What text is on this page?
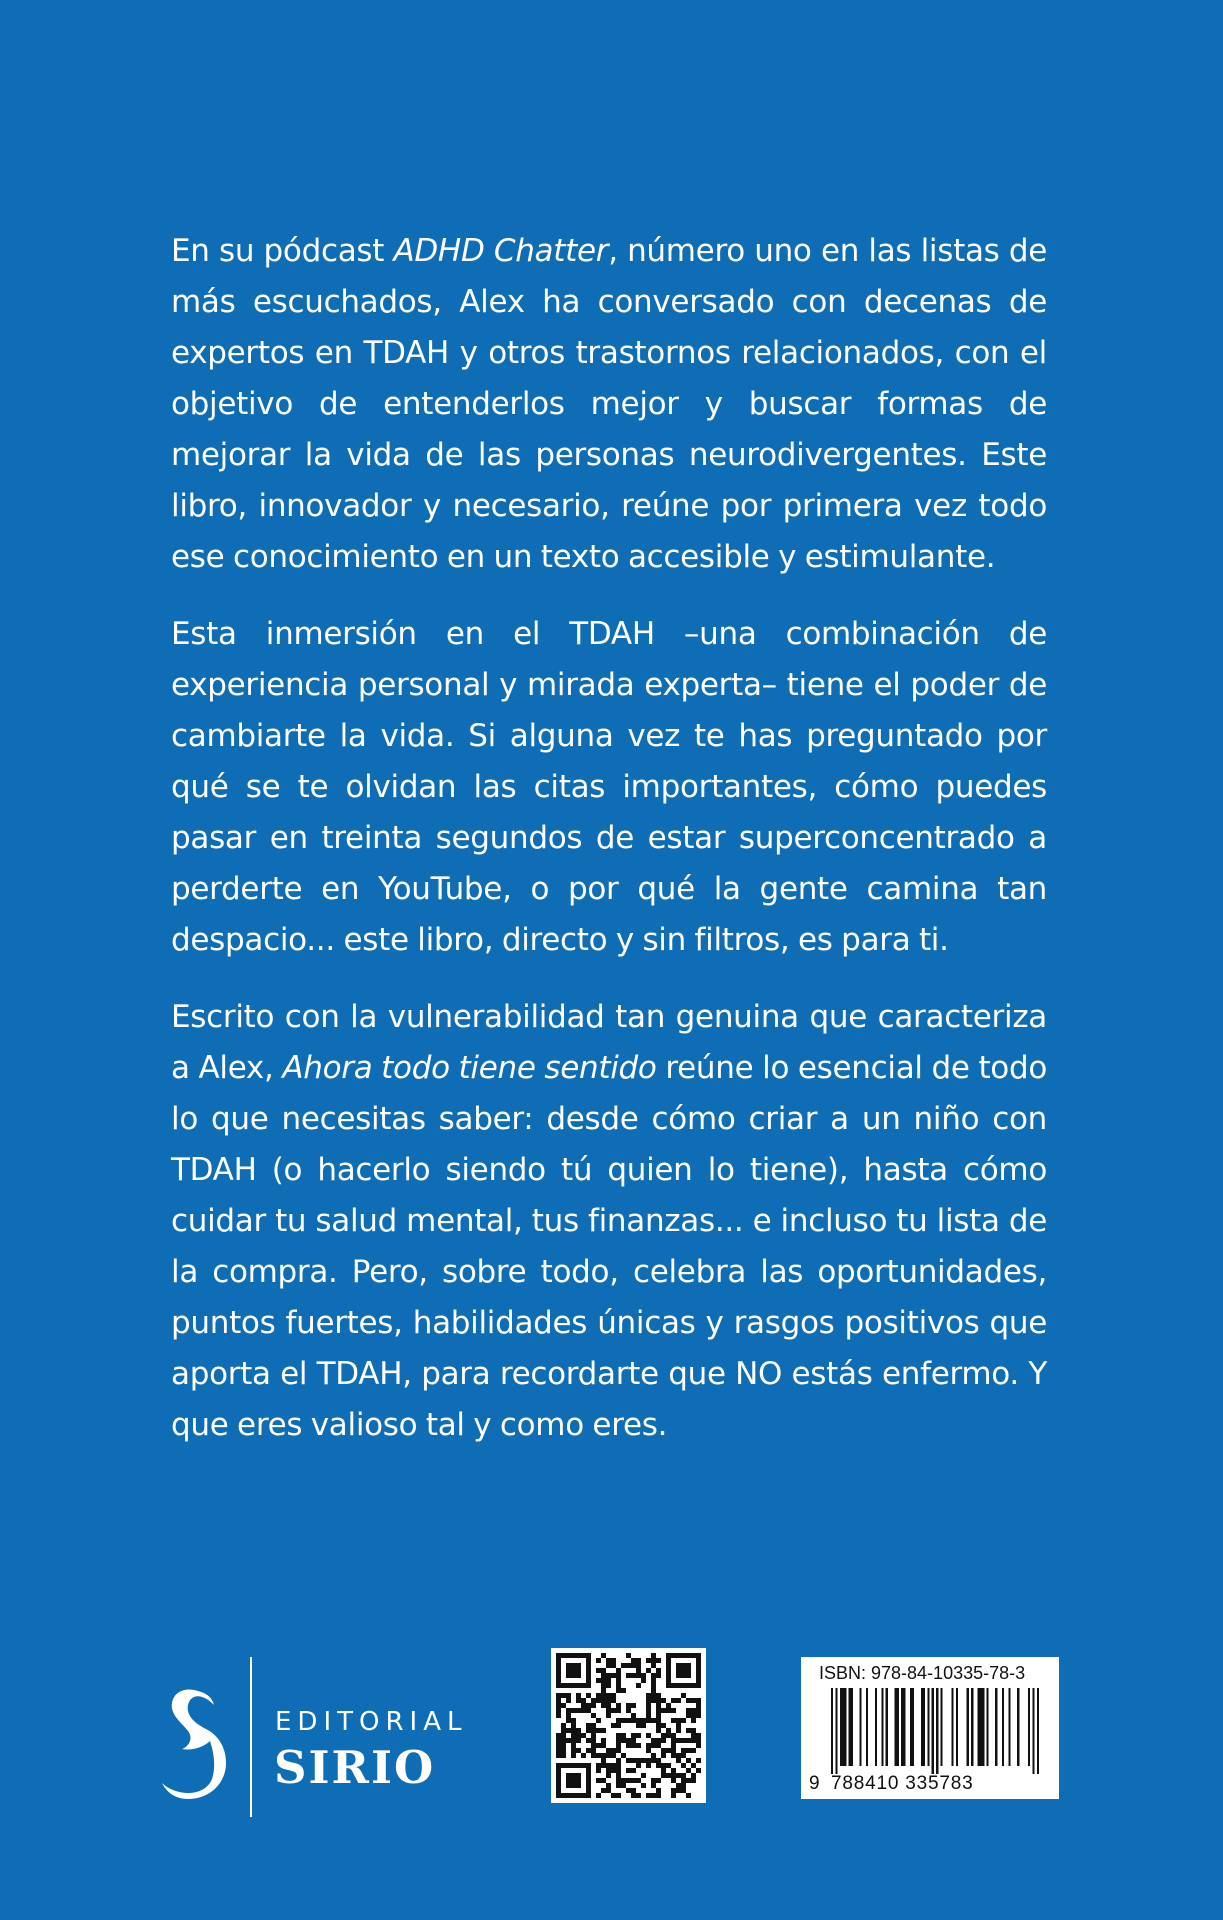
En su pódcast ADHD Chatter, número uno en las listas de más escuchados, Alex ha conversado con decenas de expertos en TDAH y otros trastornos relacionados, con el objetivo de entenderlos mejor y buscar formas de mejorar la vida de las personas neurodivergentes. Este libro, innovador y necesario, reúne por primera vez todo ese conocimiento en un texto accesible y estimulante.

Esta inmersión en el TDAH –una combinación de experiencia personal y mirada experta– tiene el poder de cambiarte la vida. Si alguna vez te has preguntado por qué se te olvidan las citas importantes, cómo puedes pasar en treinta segundos de estar superconcentrado a perderte en YouTube, o por qué la gente camina tan despacio... este libro, directo y sin filtros, es para ti.

Escrito con la vulnerabilidad tan genuina que caracteriza a Alex, Ahora todo tiene sentido reúne lo esencial de todo lo que necesitas saber: desde cómo criar a un niño con TDAH (o hacerlo siendo tú quien lo tiene), hasta cómo cuidar tu salud mental, tus finanzas... e incluso tu lista de la compra. Pero, sobre todo, celebra las oportunidades, puntos fuertes, habilidades únicas y rasgos positivos que aporta el TDAH, para recordarte que NO estás enfermo. Y que eres valioso tal y como eres.

EDITORIAL
SIRIO
ISBN: 978-84-10335-78-3
9 788410 335783
